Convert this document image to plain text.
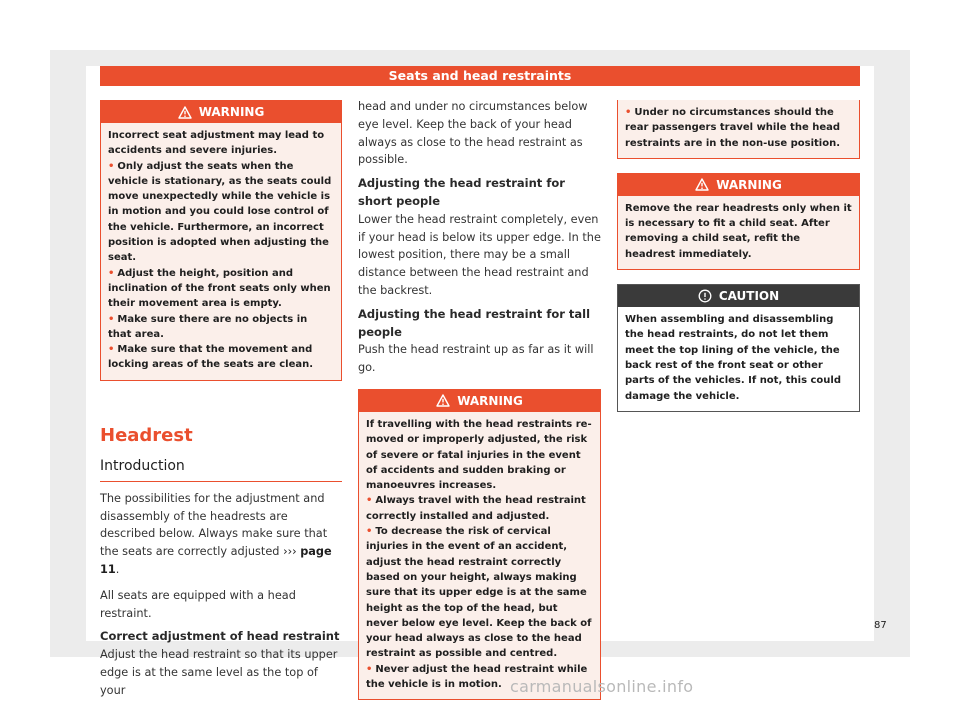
Seats and head restraints
WARNING

Incorrect seat adjustment may lead to accidents and severe injuries.

• Only adjust the seats when the vehicle is stationary, as the seats could move unexpectedly while the vehicle is in motion and you could lose control of the vehicle. Furthermore, an incorrect position is adopted when adjusting the seat.

• Adjust the height, position and inclination of the front seats only when their movement area is empty.

• Make sure there are no objects in that area.

• Make sure that the movement and locking areas of the seats are clean.

Headrest
Introduction

The possibilities for the adjustment and disassembly of the headrests are described below. Always make sure that the seats are correctly adjusted ››› page 11.

All seats are equipped with a head restraint.

Correct adjustment of head restraint

Adjust the head restraint so that its upper edge is at the same level as the top of your

head and under no circumstances below eye level. Keep the back of your head always as close to the head restraint as possible.

Adjusting the head restraint for short people

Lower the head restraint completely, even if your head is below its upper edge. In the lowest position, there may be a small distance between the head restraint and the backrest.

Adjusting the head restraint for tall people

Push the head restraint up as far as it will go.

WARNING

If travelling with the head restraints removed or improperly adjusted, the risk of severe or fatal injuries in the event of accidents and sudden braking or manoeuvres increases.

• Always travel with the head restraint correctly installed and adjusted.

• To decrease the risk of cervical injuries in the event of an accident, adjust the head restraint correctly based on your height, always making sure that its upper edge is at the same height as the top of the head, but never below eye level. Keep the back of your head always as close to the head restraint as possible and centred.

• Never adjust the head restraint while the vehicle is in motion.

• Under no circumstances should the rear passengers travel while the head restraints are in the non-use position.

WARNING

Remove the rear headrests only when it is necessary to fit a child seat. After removing a child seat, refit the headrest immediately.

CAUTION

When assembling and disassembling the head restraints, do not let them meet the top lining of the vehicle, the back rest of the front seat or other parts of the vehicles. If not, this could damage the vehicle.

87
carmanualsonline.info
